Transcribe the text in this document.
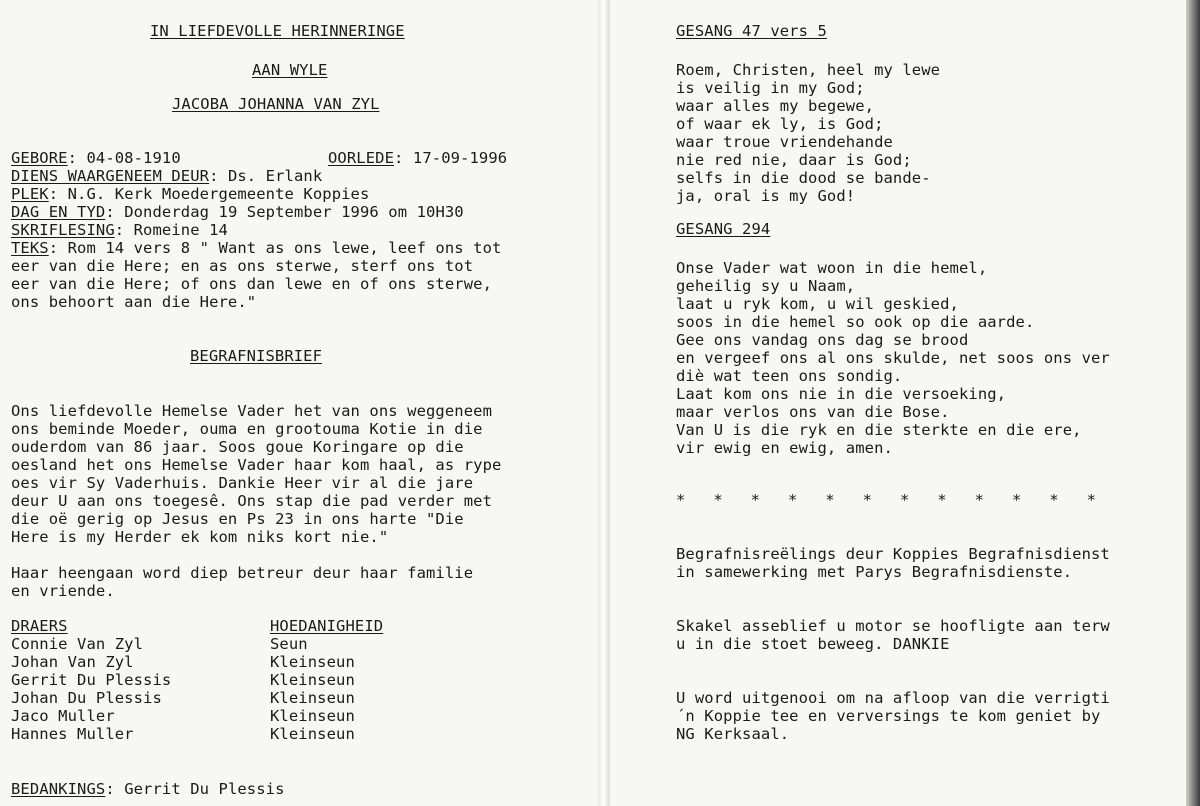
IN LIEFDEVOLLE HERINNERINGE
AAN WYLE
JACOBA JOHANNA VAN ZYL
GEBORE: 04-08-1910	OORLEDE: 17-09-1996
DIENS WAARGENEEM DEUR: Ds. Erlank
PLEK: N.G. Kerk Moedergemeente Koppies
DAG EN TYD: Donderdag 19 September 1996 om 10H30
SKRIFLESING: Romeine 14
TEKS: Rom 14 vers 8 " Want as ons lewe, leef ons tot
eer van die Here; en as ons sterwe, sterf ons tot
eer van die Here; of ons dan lewe en of ons sterwe,
ons behoort aan die Here."
BEGRAFNISBRIEF
Ons liefdevolle Hemelse Vader het van ons weggeneem
ons beminde Moeder, ouma en grootouma Kotie in die
ouderdom van 86 jaar. Soos goue Koringare op die
oesland het ons Hemelse Vader haar kom haal, as rype
oes vir Sy Vaderhuis. Dankie Heer vir al die jare
deur U aan ons toegesê. Ons stap die pad verder met
die oë gerig op Jesus en Ps 23 in ons harte "Die
Here is my Herder ek kom niks kort nie."
Haar heengaan word diep betreur deur haar familie
en vriende.
DRAERS	HOEDANIGHEID
Connie Van Zyl	Seun
Johan Van Zyl	Kleinseun
Gerrit Du Plessis	Kleinseun
Johan Du Plessis	Kleinseun
Jaco Muller	Kleinseun
Hannes Muller	Kleinseun
BEDANKINGS: Gerrit Du Plessis
GESANG 47 vers 5
Roem, Christen, heel my lewe
is veilig in my God;
waar alles my begewe,
of waar ek ly, is God;
waar troue vriendehande
nie red nie, daar is God;
selfs in die dood se bande-
ja, oral is my God!
GESANG 294
Onse Vader wat woon in die hemel,
geheilig sy u Naam,
laat u ryk kom, u wil geskied,
soos in die hemel so ook op die aarde.
Gee ons vandag ons dag se brood
en vergeef ons al ons skulde, net soos ons ver
diè wat teen ons sondig.
Laat kom ons nie in die versoeking,
maar verlos ons van die Bose.
Van U is die ryk en die sterkte en die ere,
vir ewig en ewig, amen.
*   *   *   *   *   *   *   *   *   *   *   *
Begrafnisreëlings deur Koppies Begrafnisdienst
in samewerking met Parys Begrafnisdienste.
Skakel asseblief u motor se hoofligte aan terw
u in die stoet beweeg. DANKIE
U word uitgenooi om na afloop van die verrigti
´n Koppie tee en verversings te kom geniet by
NG Kerksaal.
